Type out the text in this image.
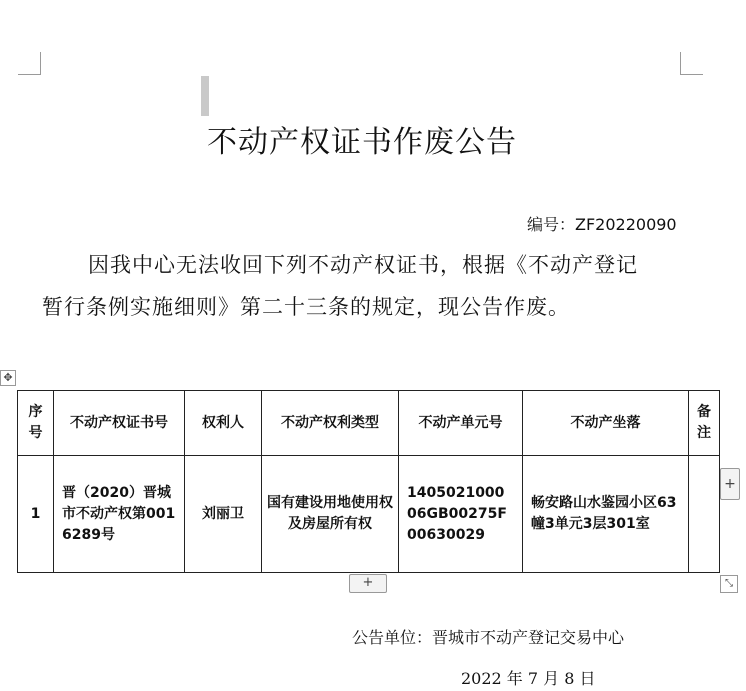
不动产权证书作废公告
编号：ZF20220090
因我中心无法收回下列不动产权证书，根据《不动产登记
暂行条例实施细则》第二十三条的规定，现公告作废。
✥
序号	不动产权证书号	权利人	不动产权利类型	不动产单元号	不动产坐落	备注
1	晋（2020）晋城市不动产权第0016289号	刘丽卫	国有建设用地使用权及房屋所有权	140502100006GB00275F00630029	畅安路山水鉴园小区63幢3单元3层301室	
+
+	⤡
公告单位：晋城市不动产登记交易中心
2022 年 7 月 8 日
